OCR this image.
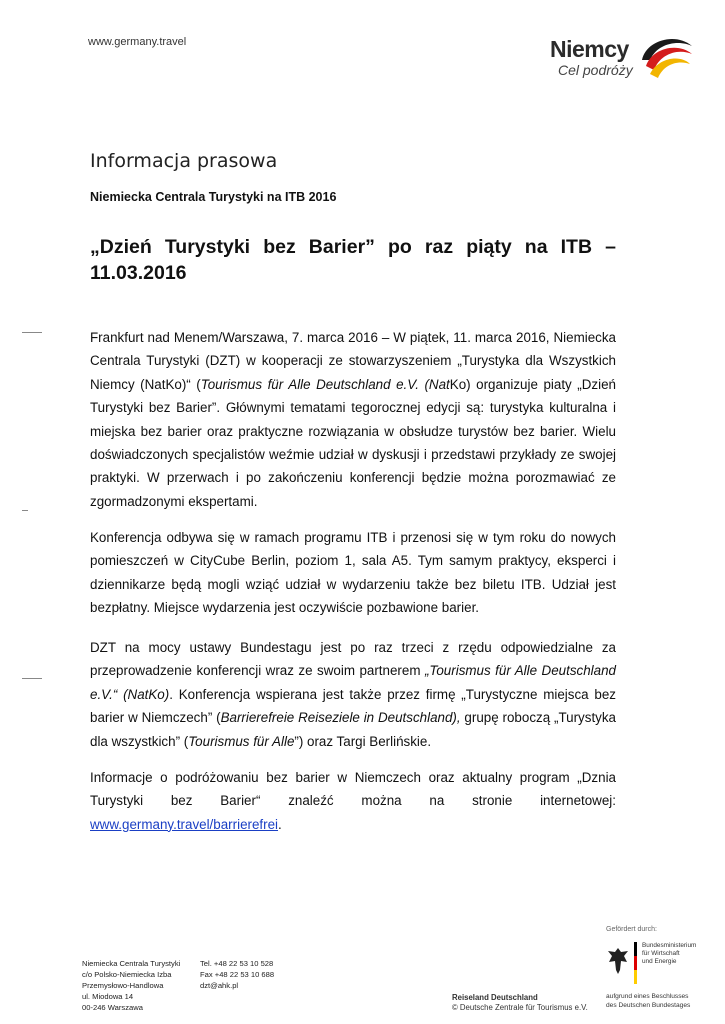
www.germany.travel	Niemcy
Cel podróży
Informacja prasowa
Niemiecka Centrala Turystyki na ITB 2016
„Dzień Turystyki bez Barier” po raz piąty na ITB – 11.03.2016
Frankfurt nad Menem/Warszawa, 7. marca 2016 – W piątek, 11. marca 2016, Niemiecka Centrala Turystyki (DZT) w kooperacji ze stowarzyszeniem „Turystyka dla Wszystkich Niemcy (NatKo)“ (Tourismus für Alle Deutschland e.V. (NatKo) organizuje piaty „Dzień Turystyki bez Barier”. Głównymi tematami tegorocznej edycji są: turystyka kulturalna i miejska bez barier oraz praktyczne rozwiązania w obsłudze turystów bez barier. Wielu doświadczonych specjalistów weźmie udział w dyskusji i przedstawi przykłady ze swojej praktyki. W przerwach i po zakończeniu konferencji będzie można porozmawiać ze zgormadzonymi ekspertami.
Konferencja odbywa się w ramach programu ITB i przenosi się w tym roku do nowych pomieszczeń w CityCube Berlin, poziom 1, sala A5. Tym samym praktycy, eksperci i dziennikarze będą mogli wziąć udział w wydarzeniu także bez biletu ITB. Udział jest bezpłatny. Miejsce wydarzenia jest oczywiście pozbawione barier.
DZT na mocy ustawy Bundestagu jest po raz trzeci z rzędu odpowiedzialne za przeprowadzenie konferencji wraz ze swoim partnerem „Tourismus für Alle Deutschland e.V.“ (NatKo). Konferencja wspierana jest także przez firmę „Turystyczne miejsca bez barier w Niemczech” (Barrierefreie Reiseziele in Deutschland), grupę roboczą „Turystyka dla wszystkich” (Tourismus für Alle”) oraz Targi Berlińskie.
Informacje o podróżowaniu bez barier w Niemczech oraz aktualny program „Dznia Turystyki bez Barier“ znaleźć można na stronie internetowej: www.germany.travel/barrierefrei.
Niemiecka Centrala Turystyki
c/o Polsko-Niemiecka Izba
Przemysłowo-Handlowa
ul. Miodowa 14
00-246 Warszawa
Tel. +48 22 53 10 528
Fax +48 22 53 10 688
dzt@ahk.pl
Reiseland Deutschland
© Deutsche Zentrale für Tourismus e.V.
Gefördert durch:
Bundesministerium
für Wirtschaft
und Energie
aufgrund eines Beschlusses
des Deutschen Bundestages
